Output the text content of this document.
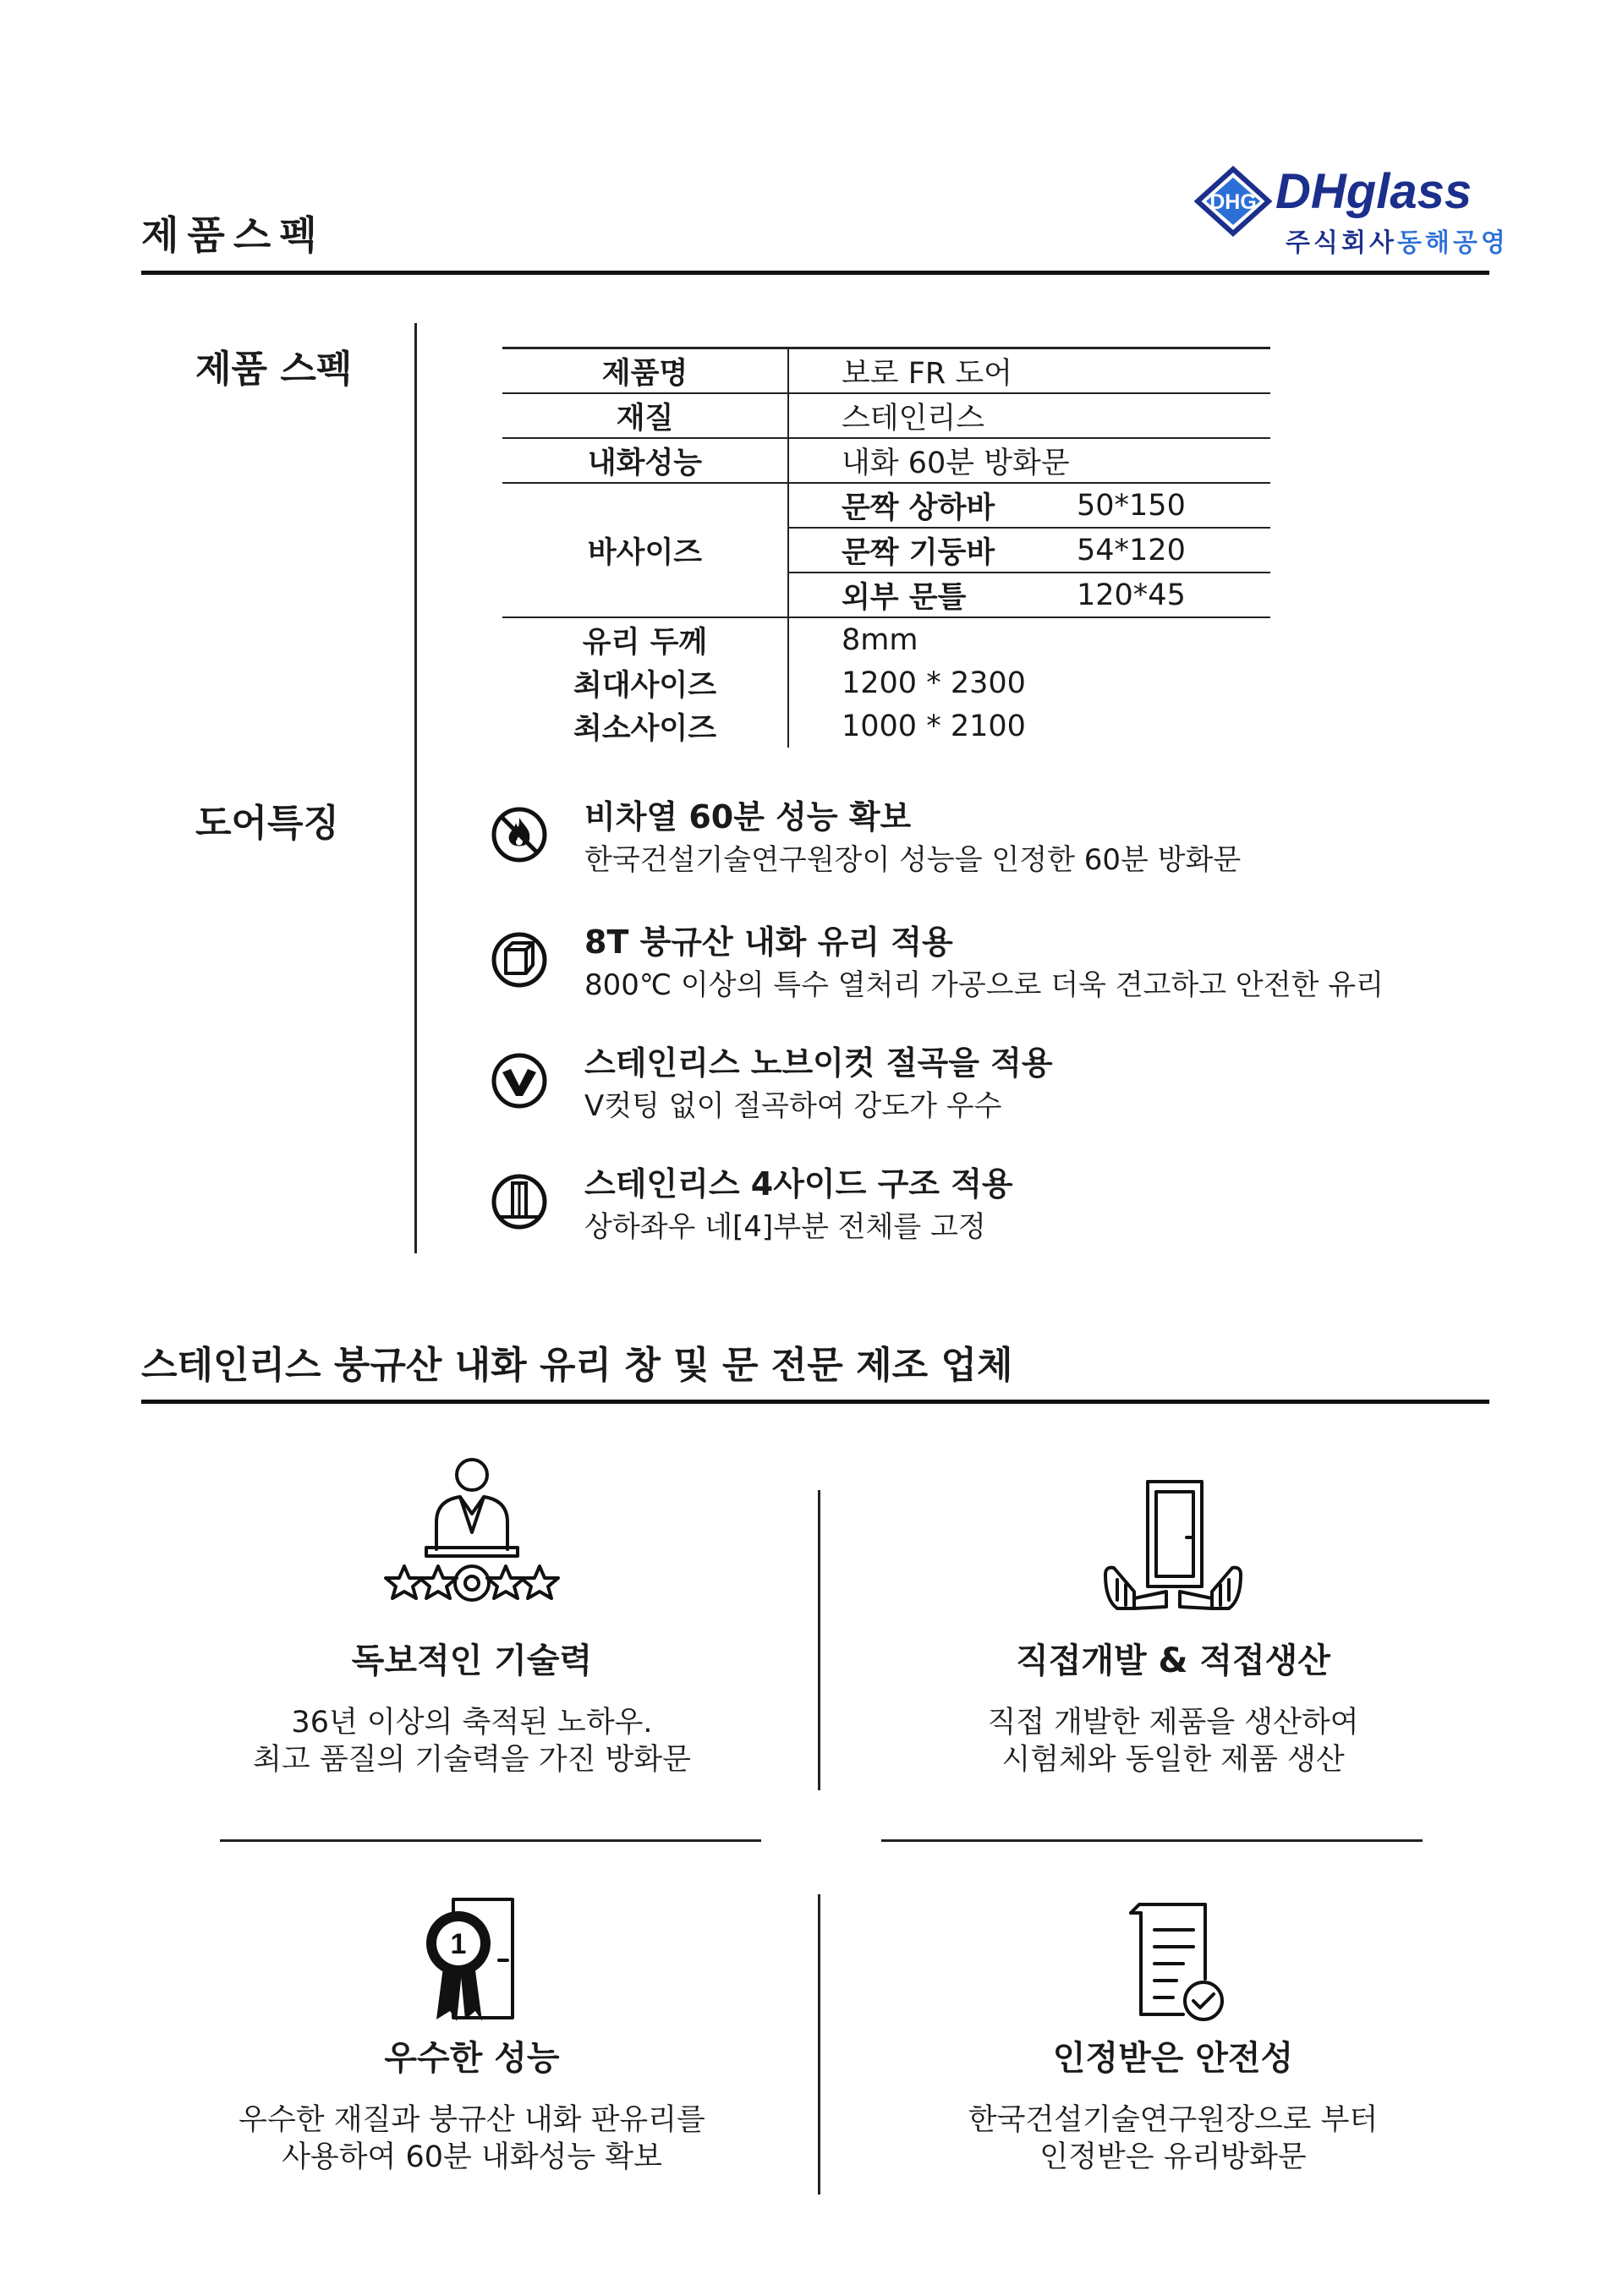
제품스펙
DHG DHglass
주식회사동해공영
제품 스펙
도어특징
제품명	보로 FR 도어	
재질	스테인리스	
내화성능	내화 60분 방화문	
바사이즈	문짝 상하바	50*150
	문짝 기둥바	54*120
	외부 문틀	120*45
유리 두께	8mm	
최대사이즈	1200 * 2300	
최소사이즈	1000 * 2100	
비차열 60분 성능 확보
한국건설기술연구원장이 성능을 인정한 60분 방화문
8T 붕규산 내화 유리 적용
800℃ 이상의 특수 열처리 가공으로 더욱 견고하고 안전한 유리
스테인리스 노브이컷 절곡을 적용
V컷팅 없이 절곡하여 강도가 우수
스테인리스 4사이드 구조 적용
상하좌우 네[4]부분 전체를 고정
스테인리스 붕규산 내화 유리 창 및 문 전문 제조 업체
독보적인 기술력
36년 이상의 축적된 노하우.
최고 품질의 기술력을 가진 방화문
직접개발 & 적접생산
직접 개발한 제품을 생산하여
시험체와 동일한 제품 생산
1
우수한 성능
우수한 재질과 붕규산 내화 판유리를
사용하여 60분 내화성능 확보
인정받은 안전성
한국건설기술연구원장으로 부터
인정받은 유리방화문
